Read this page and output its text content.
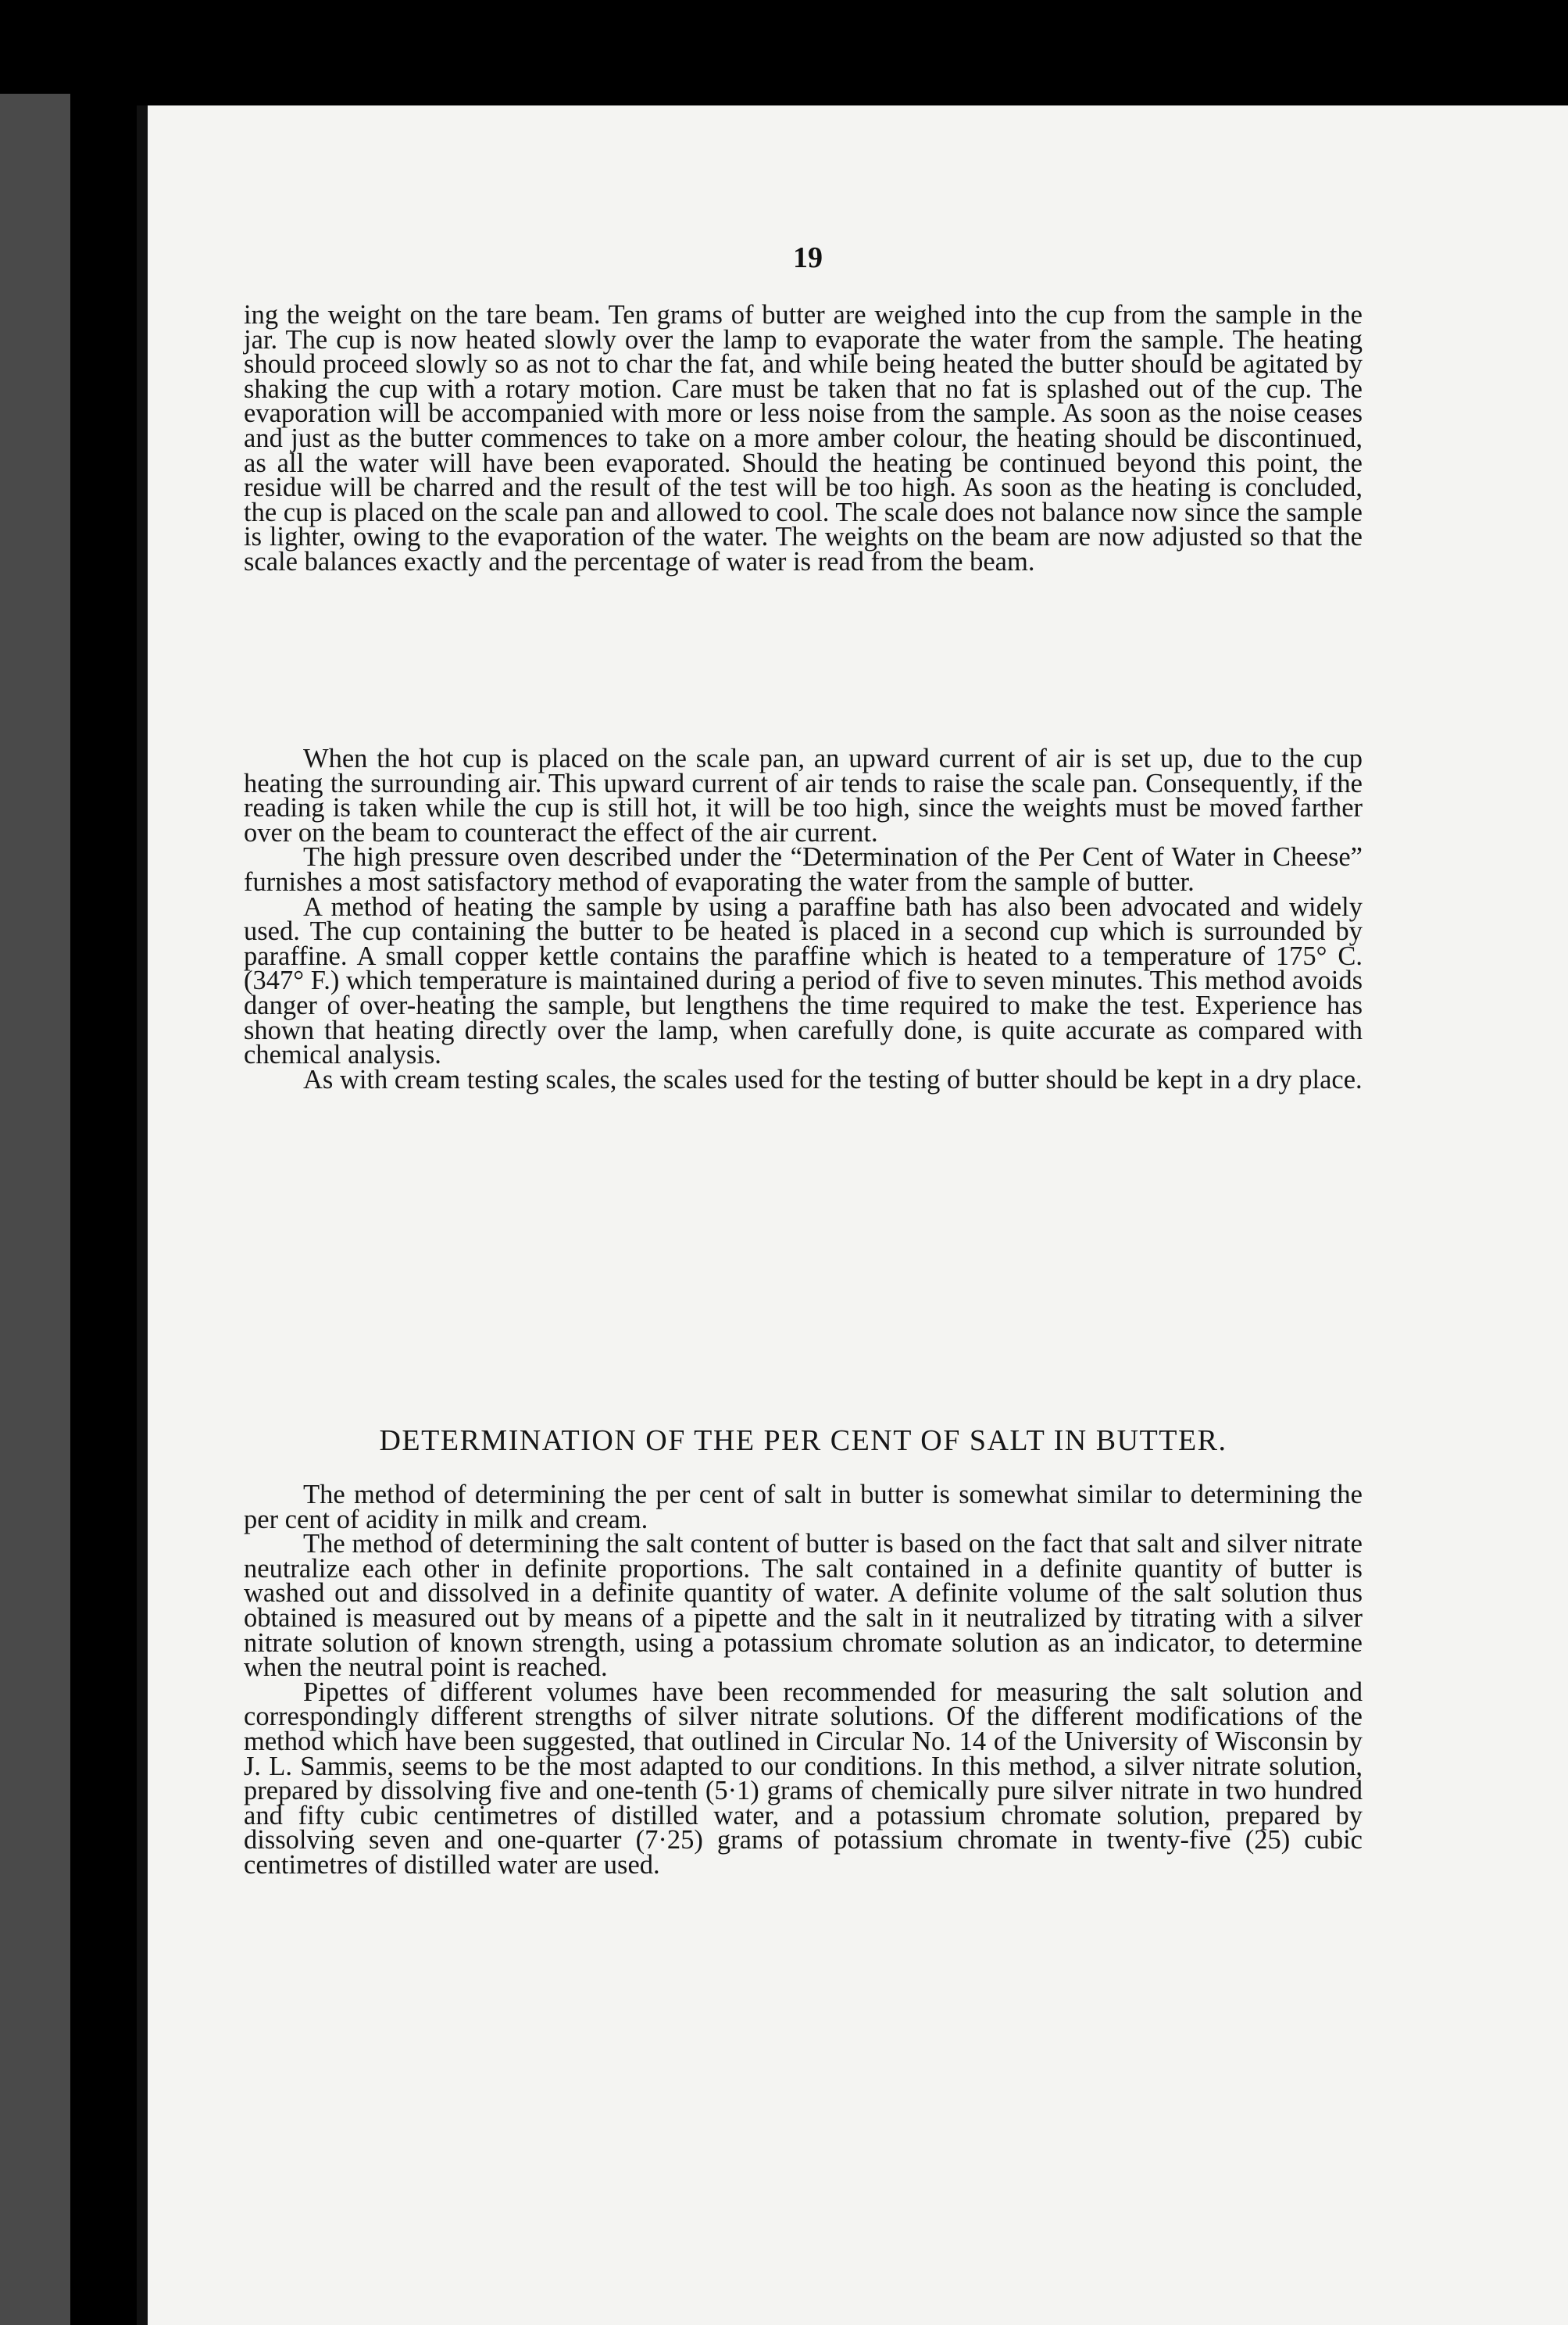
19

ing the weight on the tare beam. Ten grams of butter are weighed into the cup from the sample in the jar. The cup is now heated slowly over the lamp to evaporate the water from the sample. The heating should proceed slowly so as not to char the fat, and while being heated the butter should be agitated by shaking the cup with a rotary motion. Care must be taken that no fat is splashed out of the cup. The evaporation will be accompanied with more or less noise from the sample. As soon as the noise ceases and just as the butter commences to take on a more amber colour, the heating should be discontinued, as all the water will have been evaporated. Should the heating be continued beyond this point, the residue will be charred and the result of the test will be too high. As soon as the heating is concluded, the cup is placed on the scale pan and allowed to cool. The scale does not balance now since the sample is lighter, owing to the evaporation of the water. The weights on the beam are now adjusted so that the scale balances exactly and the percentage of water is read from the beam.

When the hot cup is placed on the scale pan, an upward current of air is set up, due to the cup heating the surrounding air. This upward current of air tends to raise the scale pan. Consequently, if the reading is taken while the cup is still hot, it will be too high, since the weights must be moved farther over on the beam to counteract the effect of the air current.

The high pressure oven described under the “Determination of the Per Cent of Water in Cheese” furnishes a most satisfactory method of evaporating the water from the sample of butter.

A method of heating the sample by using a paraffine bath has also been advocated and widely used. The cup containing the butter to be heated is placed in a second cup which is surrounded by paraffine. A small copper kettle contains the paraffine which is heated to a temperature of 175° C. (347° F.) which temperature is maintained during a period of five to seven minutes. This method avoids danger of over-heating the sample, but lengthens the time required to make the test. Experience has shown that heating directly over the lamp, when carefully done, is quite accurate as compared with chemical analysis.

As with cream testing scales, the scales used for the testing of butter should be kept in a dry place.

DETERMINATION OF THE PER CENT OF SALT IN BUTTER.

The method of determining the per cent of salt in butter is somewhat similar to determining the per cent of acidity in milk and cream.

The method of determining the salt content of butter is based on the fact that salt and silver nitrate neutralize each other in definite proportions. The salt contained in a definite quantity of butter is washed out and dissolved in a definite quantity of water. A definite volume of the salt solution thus obtained is measured out by means of a pipette and the salt in it neutralized by titrating with a silver nitrate solution of known strength, using a potassium chromate solution as an indicator, to determine when the neutral point is reached.

Pipettes of different volumes have been recommended for measuring the salt solution and correspondingly different strengths of silver nitrate solutions. Of the different modifications of the method which have been suggested, that outlined in Circular No. 14 of the University of Wisconsin by J. L. Sammis, seems to be the most adapted to our conditions. In this method, a silver nitrate solution, prepared by dissolving five and one-tenth (5·1) grams of chemically pure silver nitrate in two hundred and fifty cubic centimetres of distilled water, and a potassium chromate solution, prepared by dissolving seven and one-quarter (7·25) grams of potassium chromate in twenty-five (25) cubic centimetres of distilled water are used.
